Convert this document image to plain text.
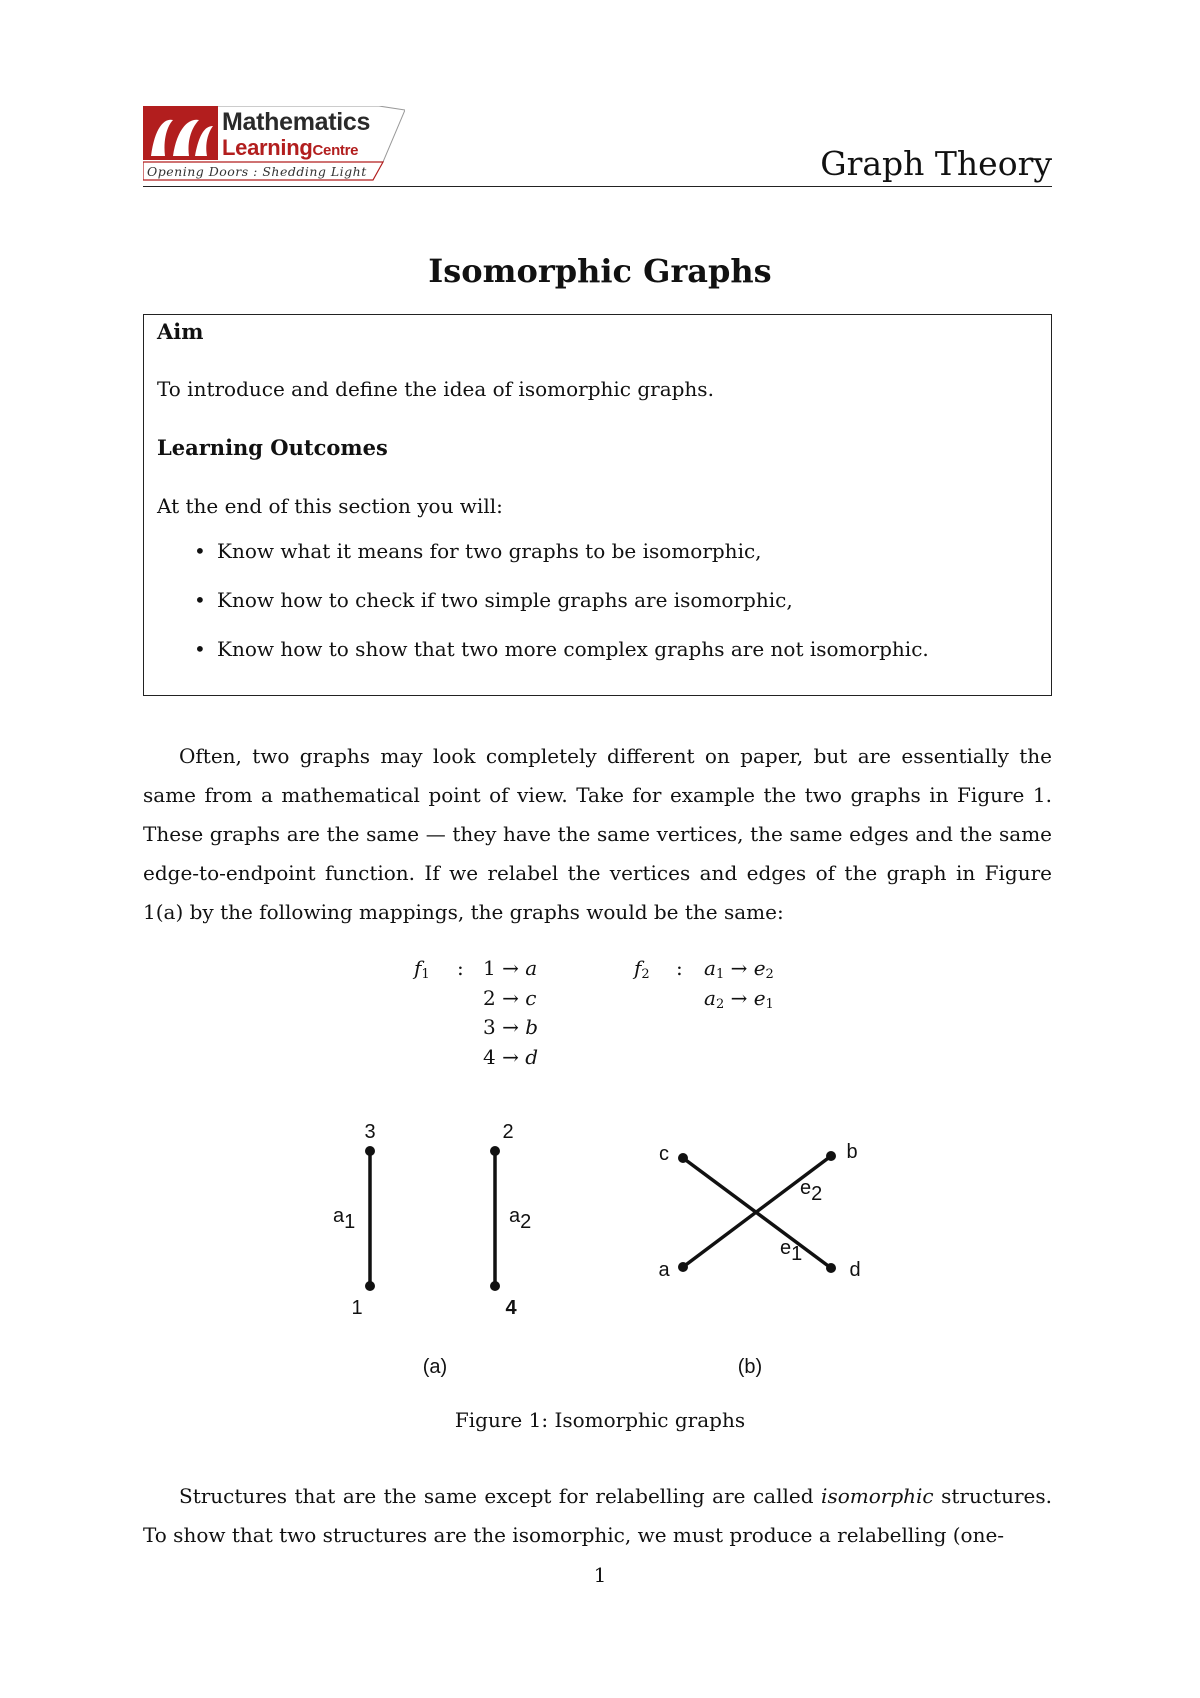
Mathematics
LearningCentre
Opening Doors : Shedding Light	Graph Theory
Isomorphic Graphs
Aim
To introduce and define the idea of isomorphic graphs.
Learning Outcomes
At the end of this section you will:
• Know what it means for two graphs to be isomorphic,
• Know how to check if two simple graphs are isomorphic,
• Know how to show that two more complex graphs are not isomorphic.
Often, two graphs may look completely different on paper, but are essentially the same from a mathematical point of view. Take for example the two graphs in Figure 1. These graphs are the same — they have the same vertices, the same edges and the same edge-to-endpoint function. If we relabel the vertices and edges of the graph in Figure 1(a) by the following mappings, the graphs would be the same:
$f_1$ : 1 → a
2 → c
3 → b
4 → d
$f_2$ : $a_1 \to e_2$
$a_2 \to e_1$
3
1
2
4
a1	a2
(a)
c	b
a	d
e2
e1
(b)
Figure 1: Isomorphic graphs
Structures that are the same except for relabelling are called isomorphic structures. To show that two structures are the isomorphic, we must produce a relabelling (one-
1
